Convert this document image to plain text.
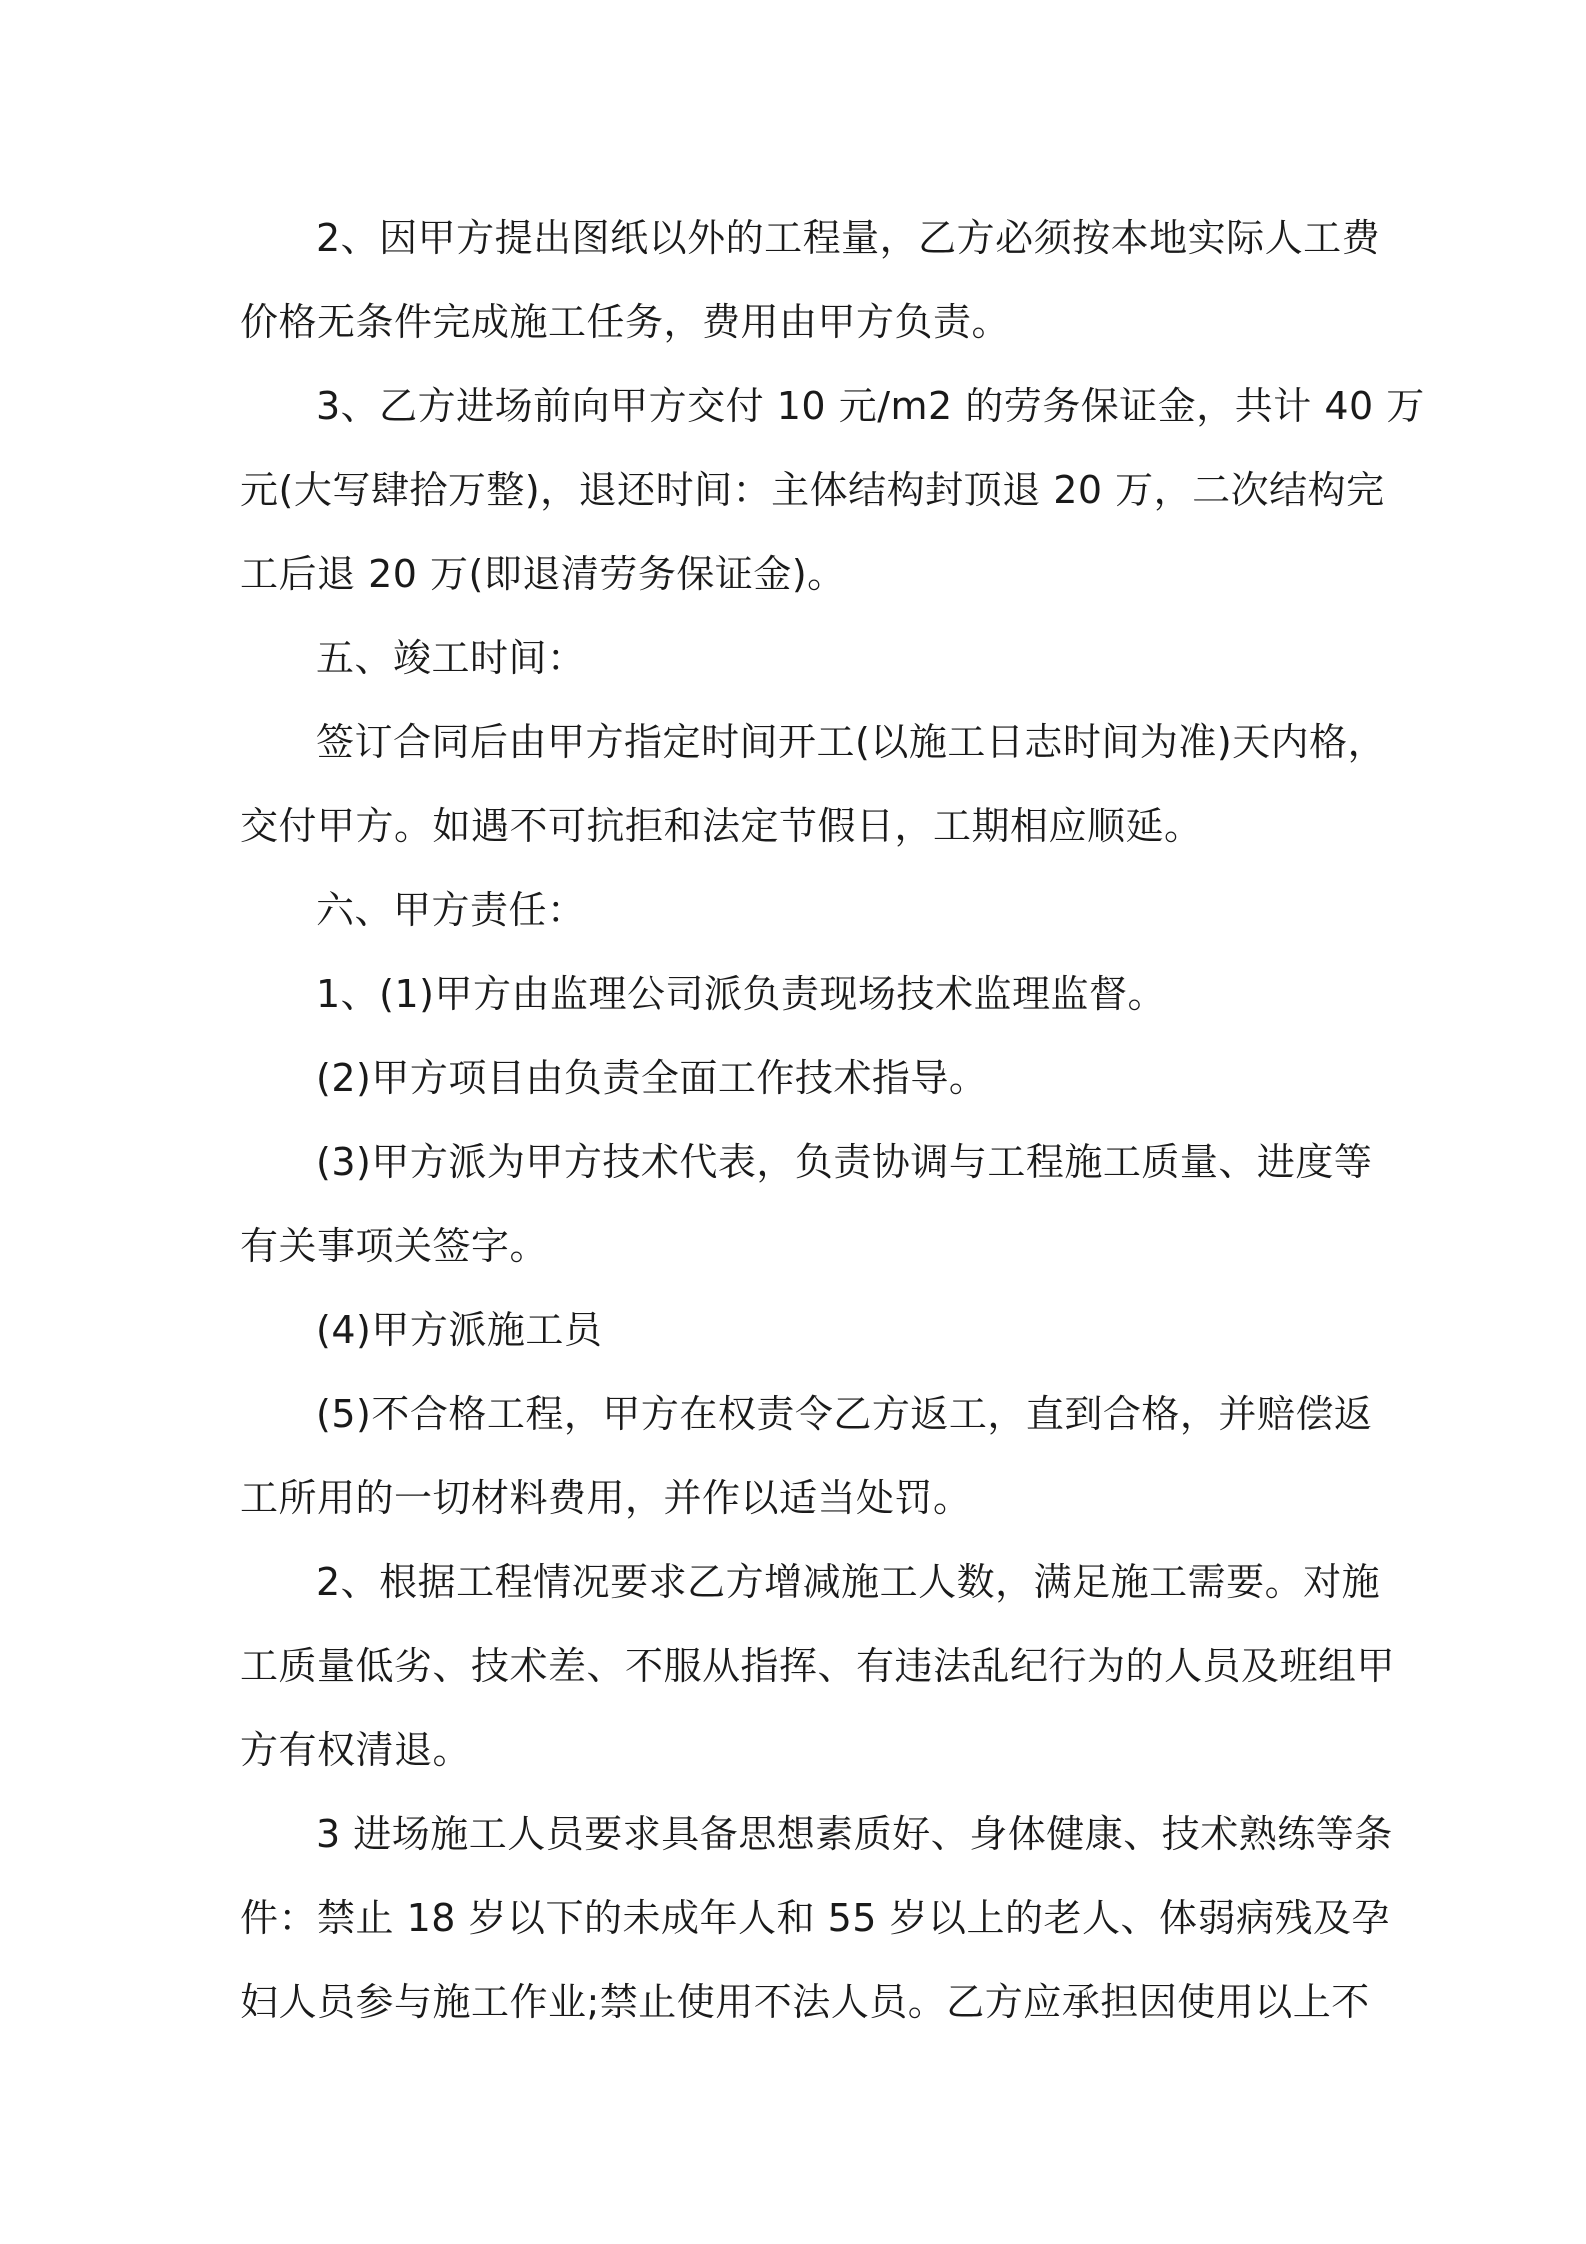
2、因甲方提出图纸以外的工程量，乙方必须按本地实际人工费
价格无条件完成施工任务，费用由甲方负责。
3、乙方进场前向甲方交付 10 元/m2 的劳务保证金，共计 40 万
元(大写肆拾万整)，退还时间：主体结构封顶退 20 万，二次结构完
工后退 20 万(即退清劳务保证金)。
五、竣工时间：
签订合同后由甲方指定时间开工(以施工日志时间为准)天内格，
交付甲方。如遇不可抗拒和法定节假日，工期相应顺延。
六、甲方责任：
1、(1)甲方由监理公司派负责现场技术监理监督。
(2)甲方项目由负责全面工作技术指导。
(3)甲方派为甲方技术代表，负责协调与工程施工质量、进度等
有关事项关签字。
(4)甲方派施工员
(5)不合格工程，甲方在权责令乙方返工，直到合格，并赔偿返
工所用的一切材料费用，并作以适当处罚。
2、根据工程情况要求乙方增减施工人数，满足施工需要。对施
工质量低劣、技术差、不服从指挥、有违法乱纪行为的人员及班组甲
方有权清退。
3 进场施工人员要求具备思想素质好、身体健康、技术熟练等条
件：禁止 18 岁以下的未成年人和 55 岁以上的老人、体弱病残及孕
妇人员参与施工作业;禁止使用不法人员。乙方应承担因使用以上不
